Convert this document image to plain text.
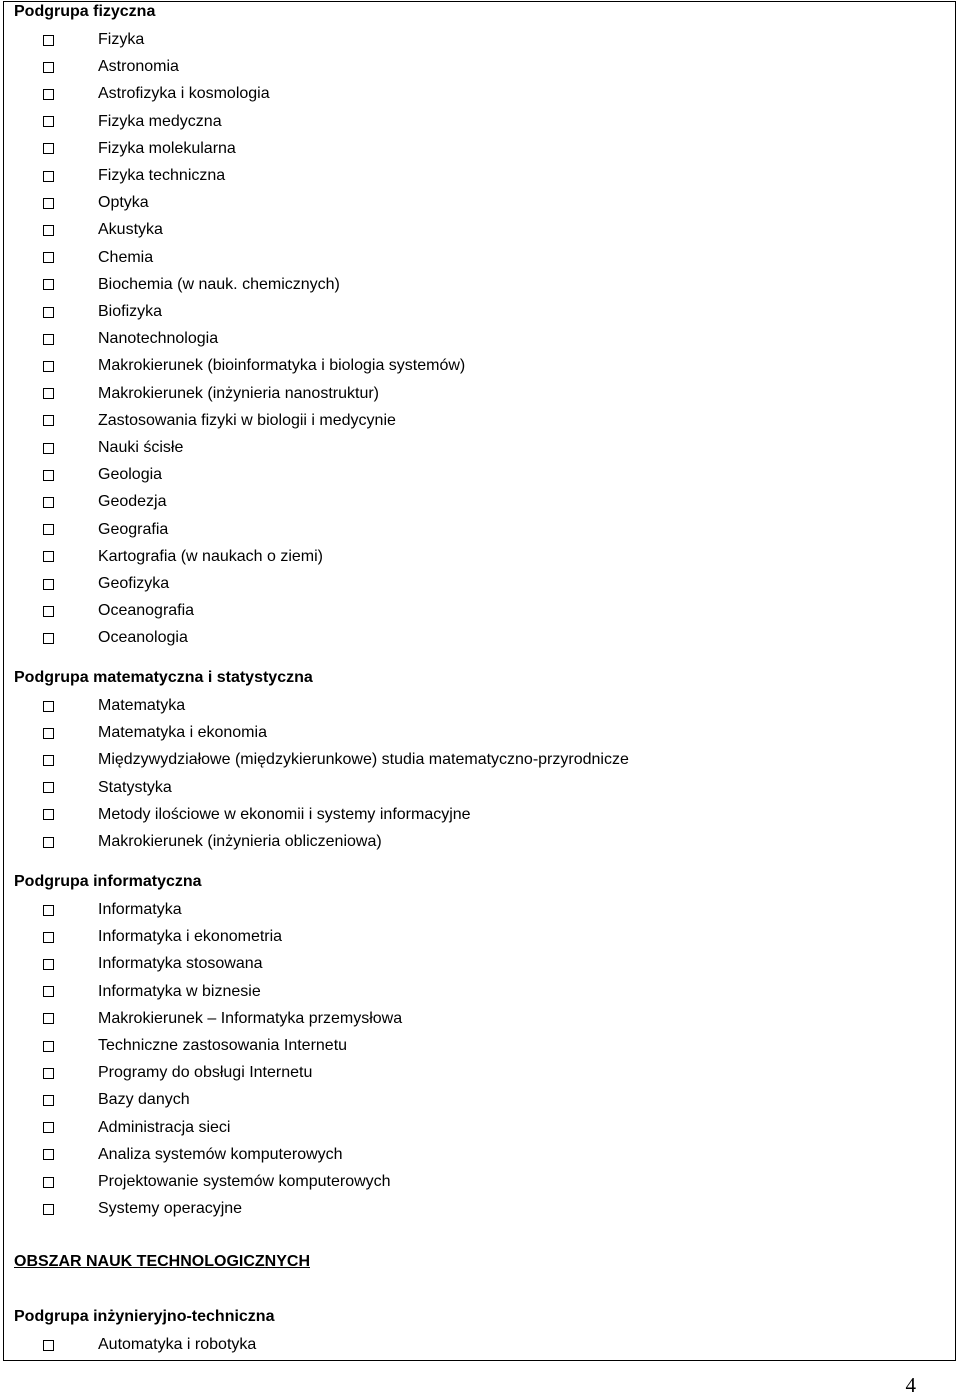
Podgrupa fizyczna
Fizyka
Astronomia
Astrofizyka i kosmologia
Fizyka medyczna
Fizyka molekularna
Fizyka techniczna
Optyka
Akustyka
Chemia
Biochemia (w nauk. chemicznych)
Biofizyka
Nanotechnologia
Makrokierunek (bioinformatyka i biologia systemów)
Makrokierunek (inżynieria nanostruktur)
Zastosowania fizyki w biologii i medycynie
Nauki ścisłe
Geologia
Geodezja
Geografia
Kartografia (w naukach o ziemi)
Geofizyka
Oceanografia
Oceanologia
Podgrupa matematyczna i statystyczna
Matematyka
Matematyka i ekonomia
Międzywydziałowe (międzykierunkowe) studia matematyczno-przyrodnicze
Statystyka
Metody ilościowe w ekonomii i systemy informacyjne
Makrokierunek (inżynieria obliczeniowa)
Podgrupa informatyczna
Informatyka
Informatyka i ekonometria
Informatyka stosowana
Informatyka w biznesie
Makrokierunek – Informatyka przemysłowa
Techniczne zastosowania Internetu
Programy do obsługi Internetu
Bazy danych
Administracja sieci
Analiza systemów komputerowych
Projektowanie systemów komputerowych
Systemy operacyjne
OBSZAR NAUK TECHNOLOGICZNYCH
Podgrupa inżynieryjno-techniczna
Automatyka i robotyka
4
